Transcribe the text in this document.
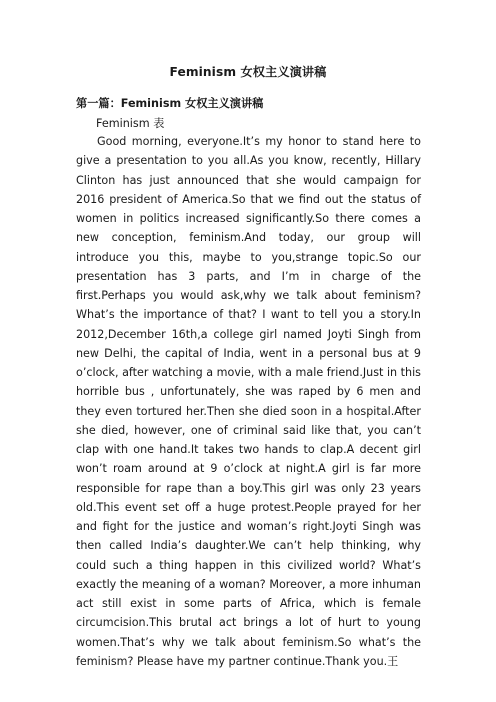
Feminism 女权主义演讲稿
第一篇：Feminism 女权主义演讲稿
Feminism 表

Good morning, everyone.It’s my honor to stand here to give a presentation to you all.As you know, recently, Hillary Clinton has just announced that she would campaign for 2016 president of America.So that we find out the status of women in politics increased significantly.So there comes a new conception, feminism.And today, our group will introduce you this, maybe to you,strange topic.So our presentation has 3 parts, and I’m in charge of the first.Perhaps you would ask,why we talk about feminism? What’s the importance of that? I want to tell you a story.In 2012,December 16th,a college girl named Joyti Singh from new Delhi, the capital of India, went in a personal bus at 9 o’clock, after watching a movie, with a male friend.Just in this horrible bus , unfortunately, she was raped by 6 men and they even tortured her.Then she died soon in a hospital.After she died, however, one of criminal said like that, you can’t clap with one hand.It takes two hands to clap.A decent girl won’t roam around at 9 o’clock at night.A girl is far more responsible for rape than a boy.This girl was only 23 years old.This event set off a huge protest.People prayed for her and fight for the justice and woman’s right.Joyti Singh was then called India’s daughter.We can’t help thinking, why could such a thing happen in this civilized world? What’s exactly the meaning of a woman? Moreover, a more inhuman act still exist in some parts of Africa, which is female circumcision.This brutal act brings a lot of hurt to young women.That’s why we talk about feminism.So what’s the feminism? Please have my partner continue.Thank you.王
